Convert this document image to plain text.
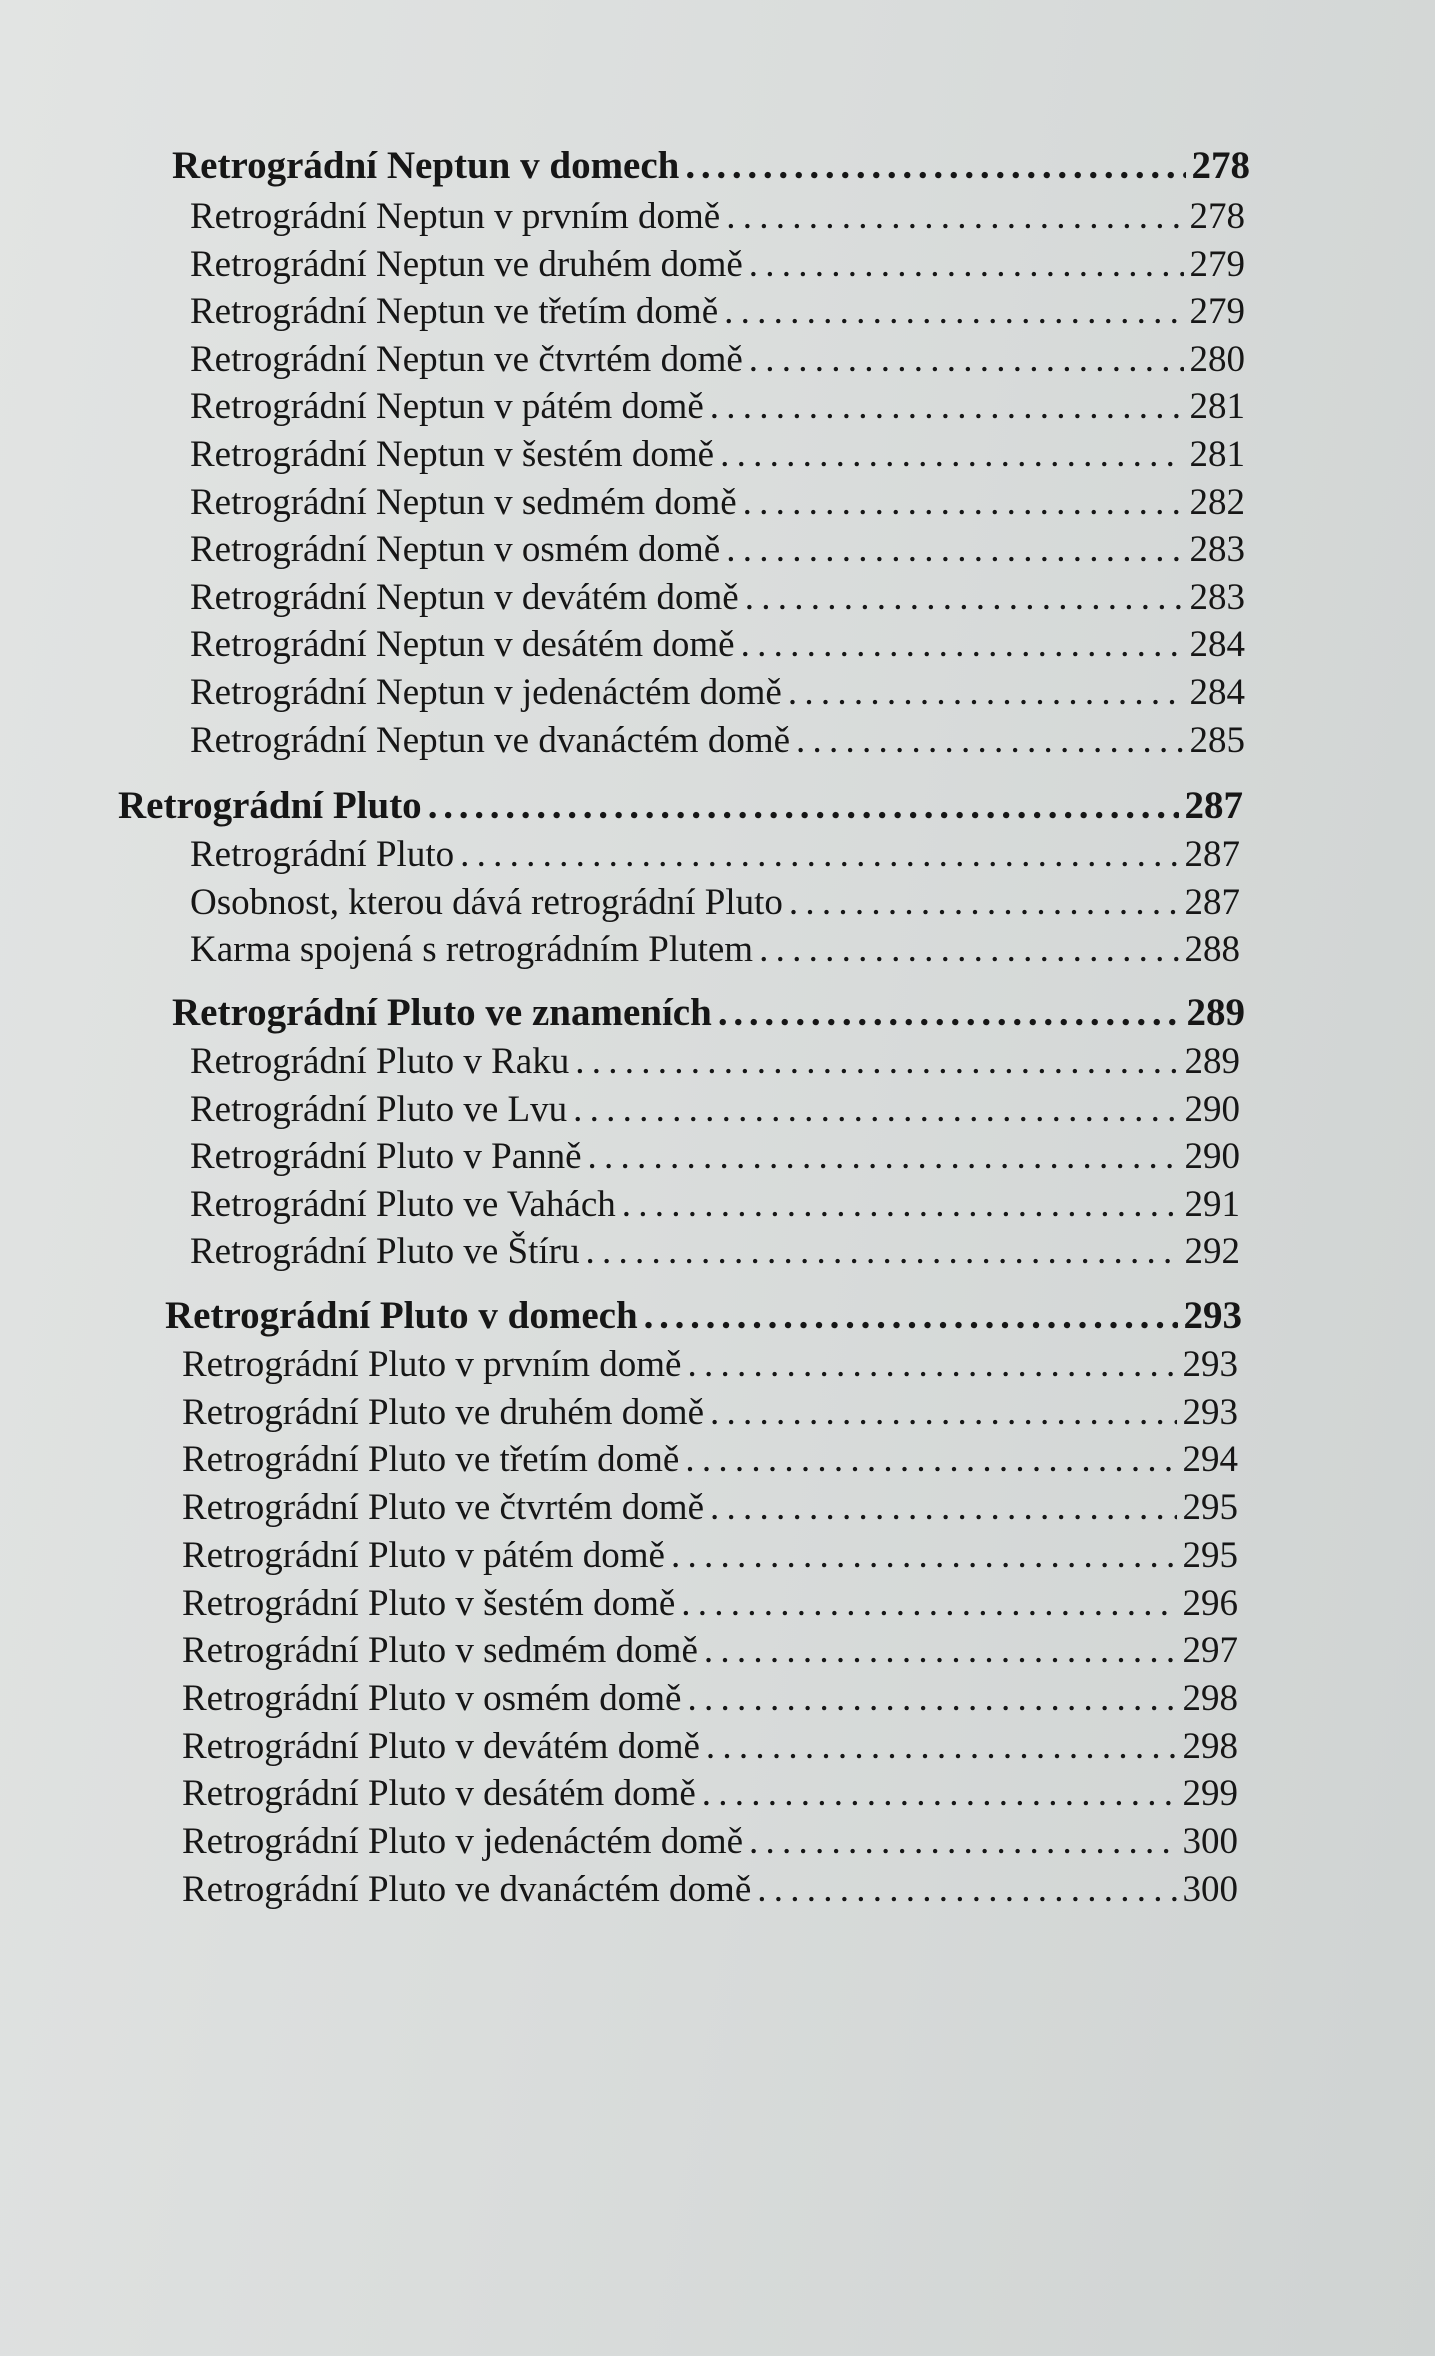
Retrográdní Neptun v domech . . .	278
Retrográdní Neptun v prvním domě . . .	278
Retrográdní Neptun ve druhém domě . . .	279
Retrográdní Neptun ve třetím domě . . .	279
Retrográdní Neptun ve čtvrtém domě . . .	280
Retrográdní Neptun v pátém domě . . .	281
Retrográdní Neptun v šestém domě . . .	281
Retrográdní Neptun v sedmém domě . . .	282
Retrográdní Neptun v osmém domě . . .	283
Retrográdní Neptun v devátém domě . . .	283
Retrográdní Neptun v desátém domě . . .	284
Retrográdní Neptun v jedenáctém domě . . .	284
Retrográdní Neptun ve dvanáctém domě . . .	285
Retrográdní Pluto . . .	287
Retrográdní Pluto . . .	287
Osobnost, kterou dává retrográdní Pluto . . .	287
Karma spojená s retrográdním Plutem . . .	288
Retrográdní Pluto ve znameních . . .	289
Retrográdní Pluto v Raku . . .	289
Retrográdní Pluto ve Lvu . . .	290
Retrográdní Pluto v Panně . . .	290
Retrográdní Pluto ve Vahách . . .	291
Retrográdní Pluto ve Štíru . . .	292
Retrográdní Pluto v domech . . .	293
Retrográdní Pluto v prvním domě . . .	293
Retrográdní Pluto ve druhém domě . . .	293
Retrográdní Pluto ve třetím domě . . .	294
Retrográdní Pluto ve čtvrtém domě . . .	295
Retrográdní Pluto v pátém domě . . .	295
Retrográdní Pluto v šestém domě . . .	296
Retrográdní Pluto v sedmém domě . . .	297
Retrográdní Pluto v osmém domě . . .	298
Retrográdní Pluto v devátém domě . . .	298
Retrográdní Pluto v desátém domě . . .	299
Retrográdní Pluto v jedenáctém domě . . .	300
Retrográdní Pluto ve dvanáctém domě . . .	300
